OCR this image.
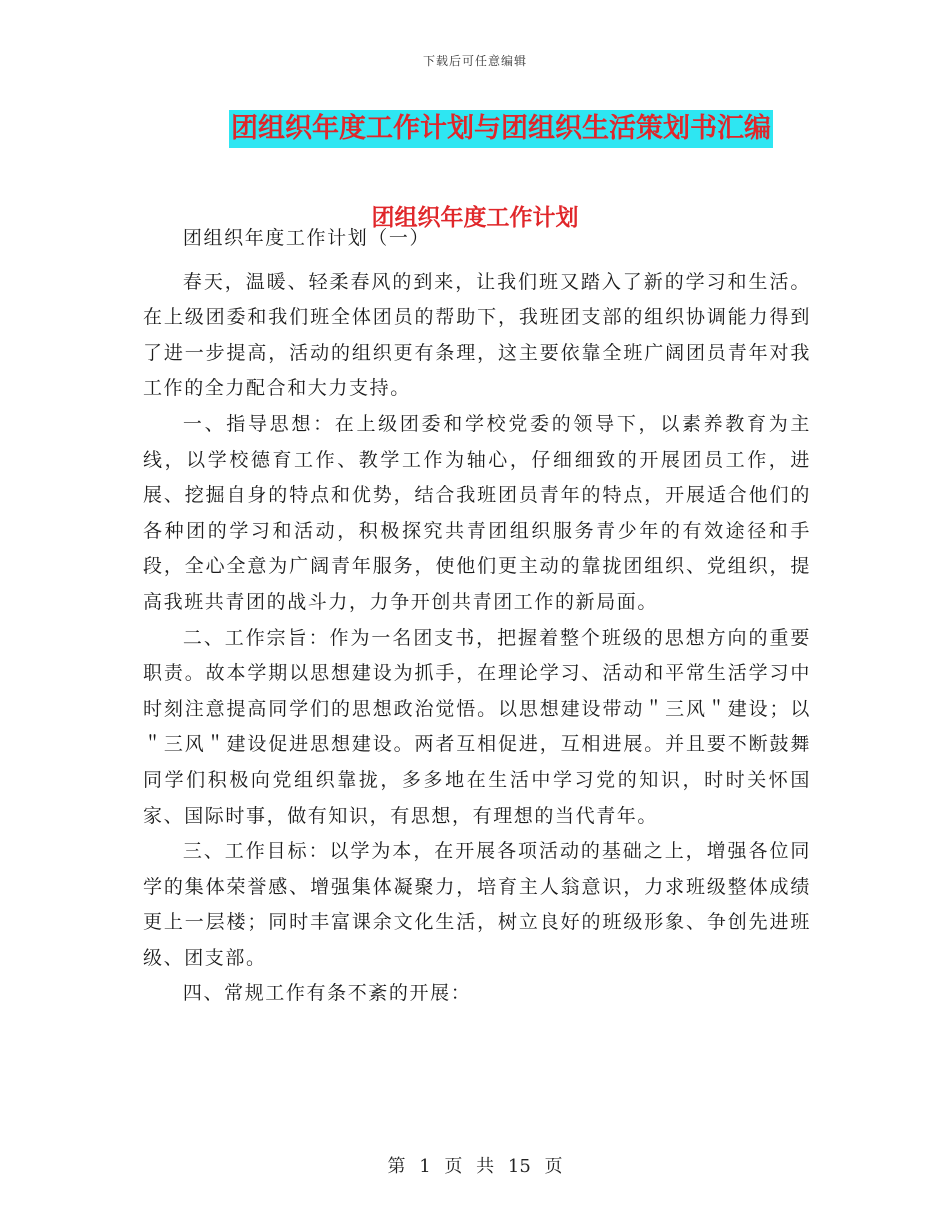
下载后可任意编辑
团组织年度工作计划与团组织生活策划书汇编
团组织年度工作计划

团组织年度工作计划（一）

春天，温暖、轻柔春风的到来，让我们班又踏入了新的学习和生活。在上级团委和我们班全体团员的帮助下，我班团支部的组织协调能力得到了进一步提高，活动的组织更有条理，这主要依靠全班广阔团员青年对我工作的全力配合和大力支持。

一、指导思想：在上级团委和学校党委的领导下，以素养教育为主线，以学校德育工作、教学工作为轴心，仔细细致的开展团员工作，进展、挖掘自身的特点和优势，结合我班团员青年的特点，开展适合他们的各种团的学习和活动，积极探究共青团组织服务青少年的有效途径和手段，全心全意为广阔青年服务，使他们更主动的靠拢团组织、党组织，提高我班共青团的战斗力，力争开创共青团工作的新局面。

二、工作宗旨：作为一名团支书，把握着整个班级的思想方向的重要职责。故本学期以思想建设为抓手，在理论学习、活动和平常生活学习中时刻注意提高同学们的思想政治觉悟。以思想建设带动＂三风＂建设；以＂三风＂建设促进思想建设。两者互相促进，互相进展。并且要不断鼓舞同学们积极向党组织靠拢，多多地在生活中学习党的知识，时时关怀国家、国际时事，做有知识，有思想，有理想的当代青年。

三、工作目标：以学为本，在开展各项活动的基础之上，增强各位同学的集体荣誉感、增强集体凝聚力，培育主人翁意识，力求班级整体成绩更上一层楼；同时丰富课余文化生活，树立良好的班级形象、争创先进班级、团支部。

四、常规工作有条不紊的开展：

第 1 页 共 15 页
